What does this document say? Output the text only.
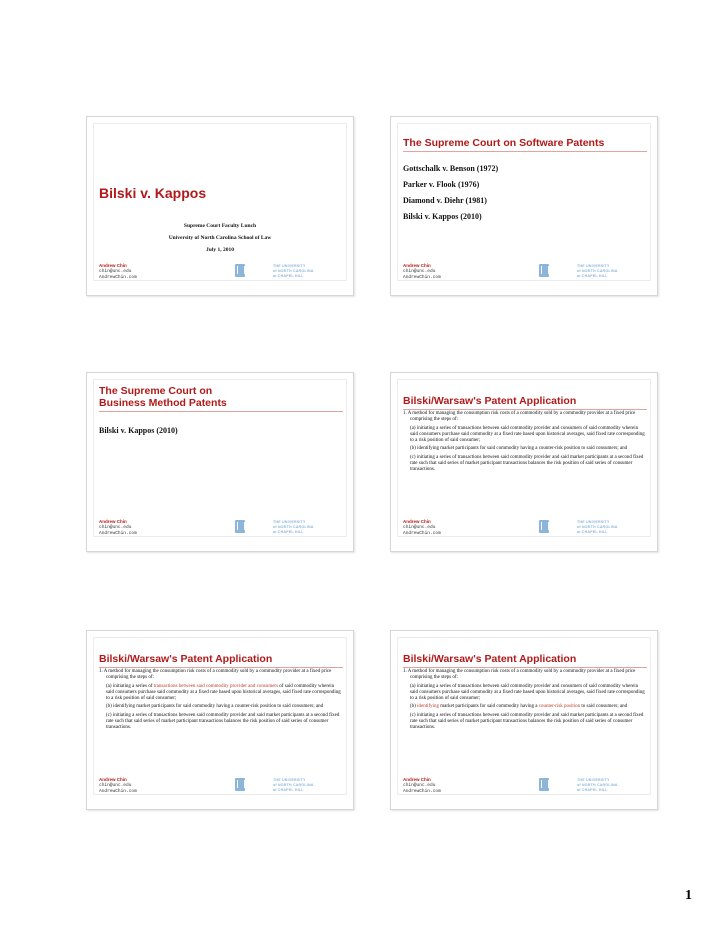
Bilski v. Kappos
Supreme Court Faculty Lunch
University of North Carolina School of Law
July 1, 2010
Andrew Chin
chin@unc.edu
AndrewChin.com
THE UNIVERSITY
of NORTH CAROLINA
at CHAPEL HILL
The Supreme Court on Software Patents
Gottschalk v. Benson (1972)
Parker v. Flook (1976)
Diamond v. Diehr (1981)
Bilski v. Kappos (2010)
Andrew Chin
chin@unc.edu
AndrewChin.com
THE UNIVERSITY
of NORTH CAROLINA
at CHAPEL HILL
The Supreme Court on
Business Method Patents
Bilski v. Kappos (2010)
Andrew Chin
chin@unc.edu
AndrewChin.com
THE UNIVERSITY
of NORTH CAROLINA
at CHAPEL HILL
Bilski/Warsaw's Patent Application

1. A method for managing the consumption risk costs of a commodity sold by a commodity provider at a fixed price comprising the steps of:

(a) initiating a series of transactions between said commodity provider and consumers of said commodity wherein said consumers purchase said commodity at a fixed rate based upon historical averages, said fixed rate corresponding to a risk position of said consumer;

(b) identifying market participants for said commodity having a counter-risk position to said consumers; and

(c) initiating a series of transactions between said commodity provider and said market participants at a second fixed rate such that said series of market participant transactions balances the risk position of said series of consumer transactions.

Andrew Chin
chin@unc.edu
AndrewChin.com
THE UNIVERSITY
of NORTH CAROLINA
at CHAPEL HILL
Bilski/Warsaw's Patent Application

1. A method for managing the consumption risk costs of a commodity sold by a commodity provider at a fixed price comprising the steps of:

(a) initiating a series of transactions between said commodity provider and consumers of said commodity wherein said consumers purchase said commodity at a fixed rate based upon historical averages, said fixed rate corresponding to a risk position of said consumer;

(b) identifying market participants for said commodity having a counter-risk position to said consumers; and

(c) initiating a series of transactions between said commodity provider and said market participants at a second fixed rate such that said series of market participant transactions balances the risk position of said series of consumer transactions.

Andrew Chin
chin@unc.edu
AndrewChin.com
THE UNIVERSITY
of NORTH CAROLINA
at CHAPEL HILL
Bilski/Warsaw's Patent Application

1. A method for managing the consumption risk costs of a commodity sold by a commodity provider at a fixed price comprising the steps of:

(a) initiating a series of transactions between said commodity provider and consumers of said commodity wherein said consumers purchase said commodity at a fixed rate based upon historical averages, said fixed rate corresponding to a risk position of said consumer;

(b) identifying market participants for said commodity having a counter-risk position to said consumers; and

(c) initiating a series of transactions between said commodity provider and said market participants at a second fixed rate such that said series of market participant transactions balances the risk position of said series of consumer transactions.

Andrew Chin
chin@unc.edu
AndrewChin.com
THE UNIVERSITY
of NORTH CAROLINA
at CHAPEL HILL
1
